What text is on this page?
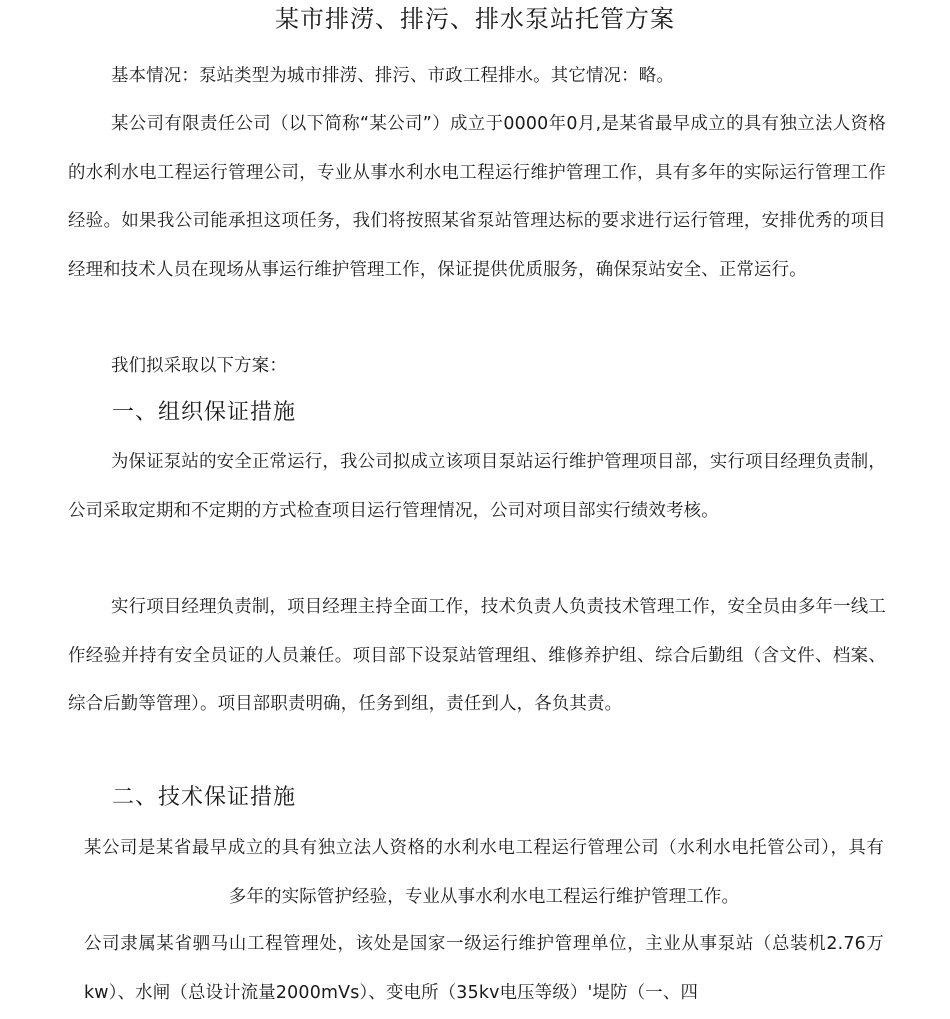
某市排涝、排污、排水泵站托管方案

基本情况：泵站类型为城市排涝、排污、市政工程排水。其它情况：略。

某公司有限责任公司（以下简称“某公司”）成立于0000年0月,是某省最早成立的具有独立法人资格的水利水电工程运行管理公司，专业从事水利水电工程运行维护管理工作，具有多年的实际运行管理工作经验。如果我公司能承担这项任务，我们将按照某省泵站管理达标的要求进行运行管理，安排优秀的项目经理和技术人员在现场从事运行维护管理工作，保证提供优质服务，确保泵站安全、正常运行。

我们拟采取以下方案：

一、组织保证措施

为保证泵站的安全正常运行，我公司拟成立该项目泵站运行维护管理项目部，实行项目经理负责制，公司采取定期和不定期的方式检查项目运行管理情况，公司对项目部实行绩效考核。

实行项目经理负责制，项目经理主持全面工作，技术负责人负责技术管理工作，安全员由多年一线工作经验并持有安全员证的人员兼任。项目部下设泵站管理组、维修养护组、综合后勤组（含文件、档案、综合后勤等管理）。项目部职责明确，任务到组，责任到人，各负其责。

二、技术保证措施

某公司是某省最早成立的具有独立法人资格的水利水电工程运行管理公司（水利水电托管公司），具有多年的实际管护经验，专业从事水利水电工程运行维护管理工作。

公司隶属某省驷马山工程管理处，该处是国家一级运行维护管理单位，主业从事泵站（总装机2.76万kw）、水闸（总设计流量2000mVs）、变电所（35kv电压等级）'堤防（一、四
